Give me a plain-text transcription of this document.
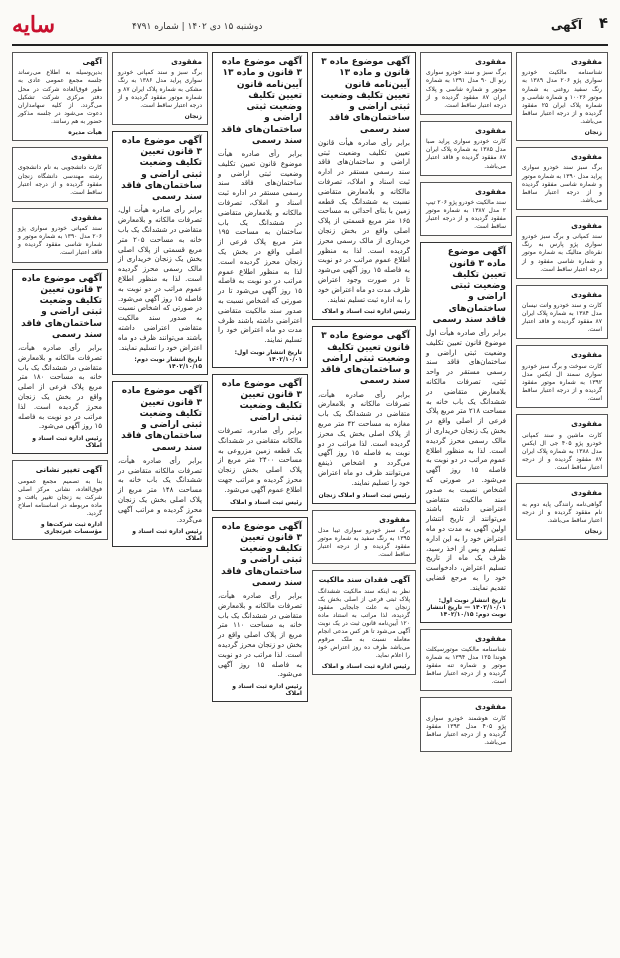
۴
آگهی
دوشنبه ۱۵ دی ۱۴۰۲ | شماره ۴۷۹۱
سایه
مفقودی

شناسنامه مالکیت خودرو سواری پژو ۲۰۶ مدل ۱۳۸۹ به رنگ سفید روغنی به شماره موتور ۱۰۰۲۶ و شماره شاسی و شماره پلاک ایران ۲۵ مفقود گردیده و از درجه اعتبار ساقط می‌باشد.

زنجان
مفقودی

برگ سبز سند خودرو سواری پراید مدل ۱۳۹۰ به شماره موتور و شماره شاسی مفقود گردیده و از درجه اعتبار ساقط می‌باشد.

مفقودی

سند کمپانی و برگ سبز خودرو سواری پژو پارس به رنگ نقره‌ای متالیک به شماره موتور و شماره شاسی مفقود و از درجه اعتبار ساقط است.

مفقودی

کارت و سند خودرو وانت نیسان مدل ۱۳۸۴ به شماره پلاک ایران ۸۷ مفقود گردیده و فاقد اعتبار است.

مفقودی

کارت سوخت و برگ سبز خودرو سواری سمند ال ایکس مدل ۱۳۹۲ به شماره موتور مفقود گردیده و از درجه اعتبار ساقط است.

مفقودی

کارت ماشین و سند کمپانی خودرو پژو ۴۰۵ جی ال ایکس مدل ۱۳۸۸ به شماره پلاک ایران ۸۷ مفقود گردیده و از درجه اعتبار ساقط است.

مفقودی

گواهی‌نامه رانندگی پایه دوم به نام مفقود گردیده و از درجه اعتبار ساقط می‌باشد.

زنجان
مفقودی

برگ سبز و سند خودرو سواری رنو ال ۹۰ مدل ۱۳۹۱ به شماره موتور و شماره شاسی و پلاک ایران ۸۷ مفقود گردیده و از درجه اعتبار ساقط است.

مفقودی

کارت خودرو سواری پراید صبا مدل ۱۳۸۵ به شماره پلاک ایران ۸۷ مفقود گردیده و فاقد اعتبار می‌باشد.

مفقودی

سند مالکیت خودرو پژو ۲۰۶ تیپ ۲ مدل ۱۳۸۷ به شماره موتور مفقود گردیده و از درجه اعتبار ساقط است.

آگهی موضوع ماده ۳ قانون تعیین تکلیف وضعیت ثبتی اراضی و ساختمان‌های فاقد سند رسمی

برابر رأی صادره هیأت اول موضوع قانون تعیین تکلیف وضعیت ثبتی اراضی و ساختمان‌های فاقد سند رسمی مستقر در واحد ثبتی، تصرفات مالکانه بلامعارض متقاضی در ششدانگ یک باب خانه به مساحت ۲۱۸ متر مربع پلاک فرعی از اصلی واقع در بخش یک زنجان خریداری از مالک رسمی محرز گردیده است. لذا به منظور اطلاع عموم مراتب در دو نوبت به فاصله ۱۵ روز آگهی می‌شود. در صورتی که اشخاص نسبت به صدور سند مالکیت متقاضی اعتراضی داشته باشند می‌توانند از تاریخ انتشار اولین آگهی به مدت دو ماه اعتراض خود را به این اداره تسلیم و پس از اخذ رسید، ظرف یک ماه از تاریخ تسلیم اعتراض، دادخواست خود را به مرجع قضایی تقدیم نمایند.

تاریخ انتشار نوبت اول: ۱۴۰۲/۱۰/۰۱ — تاریخ انتشار نوبت دوم: ۱۴۰۲/۱۰/۱۵
مفقودی

شناسنامه مالکیت موتورسیکلت هوندا ۱۲۵ مدل ۱۳۹۴ به شماره موتور و شماره تنه مفقود گردیده و از درجه اعتبار ساقط است.

مفقودی

کارت هوشمند خودرو سواری پژو ۴۰۵ مدل ۱۳۹۳ مفقود گردیده و از درجه اعتبار ساقط می‌باشد.

آگهی موضوع ماده ۳ قانون و ماده ۱۳ آیین‌نامه قانون تعیین تکلیف وضعیت ثبتی اراضی و ساختمان‌های فاقد سند رسمی

برابر رأی صادره هیأت قانون تعیین تکلیف وضعیت ثبتی اراضی و ساختمان‌های فاقد سند رسمی مستقر در اداره ثبت اسناد و املاک، تصرفات مالکانه و بلامعارض متقاضی نسبت به ششدانگ یک قطعه زمین با بنای احداثی به مساحت ۱۶۵ متر مربع قسمتی از پلاک اصلی واقع در بخش زنجان خریداری از مالک رسمی محرز گردیده است. لذا به منظور اطلاع عموم مراتب در دو نوبت به فاصله ۱۵ روز آگهی می‌شود تا در صورت وجود اعتراض ظرف مدت دو ماه اعتراض خود را به اداره ثبت تسلیم نمایند.

رئیس اداره ثبت اسناد و املاک
آگهی موضوع ماده ۳ قانون تعیین تکلیف وضعیت ثبتی اراضی و ساختمان‌های فاقد سند رسمی

برابر رأی صادره هیأت، تصرفات مالکانه و بلامعارض متقاضی در ششدانگ یک باب مغازه به مساحت ۴۲ متر مربع از پلاک اصلی بخش یک محرز گردیده است. لذا مراتب در دو نوبت به فاصله ۱۵ روز آگهی می‌گردد و اشخاص ذینفع می‌توانند ظرف دو ماه اعتراض خود را تسلیم نمایند.

رئیس ثبت اسناد و املاک زنجان
مفقودی

برگ سبز خودرو سواری تیبا مدل ۱۳۹۵ به رنگ سفید به شماره موتور مفقود گردیده و از درجه اعتبار ساقط است.

آگهی فقدان سند مالکیت

نظر به اینکه سند مالکیت ششدانگ پلاک ثبتی فرعی از اصلی بخش یک زنجان به علت جابجایی مفقود گردیده، لذا مراتب به استناد ماده ۱۲۰ آیین‌نامه قانون ثبت در یک نوبت آگهی می‌شود تا هر کس مدعی انجام معامله نسبت به ملک مرقوم می‌باشد ظرف ده روز اعتراض خود را اعلام نماید.

رئیس اداره ثبت اسناد و املاک
آگهی موضوع ماده ۳ قانون و ماده ۱۳ آیین‌نامه قانون تعیین تکلیف وضعیت ثبتی اراضی و ساختمان‌های فاقد سند رسمی

برابر رأی صادره هیأت موضوع قانون تعیین تکلیف وضعیت ثبتی اراضی و ساختمان‌های فاقد سند رسمی مستقر در اداره ثبت اسناد و املاک، تصرفات مالکانه و بلامعارض متقاضی در ششدانگ یک باب ساختمان به مساحت ۱۹۵ متر مربع پلاک فرعی از اصلی واقع در بخش یک زنجان محرز گردیده است. لذا به منظور اطلاع عموم مراتب در دو نوبت به فاصله ۱۵ روز آگهی می‌شود تا در صورتی که اشخاص نسبت به صدور سند مالکیت متقاضی اعتراضی داشته باشند ظرف مدت دو ماه اعتراض خود را تسلیم نمایند.

تاریخ انتشار نوبت اول: ۱۴۰۲/۱۰/۰۱
آگهی موضوع ماده ۳ قانون تعیین تکلیف وضعیت ثبتی اراضی

برابر رأی صادره، تصرفات مالکانه متقاضی در ششدانگ یک قطعه زمین مزروعی به مساحت ۲۴۰۰ متر مربع از پلاک اصلی بخش زنجان محرز گردیده و مراتب جهت اطلاع عموم آگهی می‌شود.

رئیس ثبت اسناد و املاک
آگهی موضوع ماده ۳ قانون تعیین تکلیف وضعیت ثبتی اراضی و ساختمان‌های فاقد سند رسمی

برابر رأی صادره هیأت، تصرفات مالکانه و بلامعارض متقاضی در ششدانگ یک باب خانه به مساحت ۱۱۰ متر مربع از پلاک اصلی واقع در بخش دو زنجان محرز گردیده است. لذا مراتب در دو نوبت به فاصله ۱۵ روز آگهی می‌شود.

رئیس اداره ثبت اسناد و املاک
مفقودی

برگ سبز و سند کمپانی خودرو سواری پراید مدل ۱۳۸۶ به رنگ مشکی به شماره پلاک ایران ۸۷ و شماره موتور مفقود گردیده و از درجه اعتبار ساقط است.

زنجان
آگهی موضوع ماده ۳ قانون تعیین تکلیف وضعیت ثبتی اراضی و ساختمان‌های فاقد سند رسمی

برابر رأی صادره هیأت اول، تصرفات مالکانه و بلامعارض متقاضی در ششدانگ یک باب خانه به مساحت ۲۰۵ متر مربع قسمتی از پلاک اصلی بخش یک زنجان خریداری از مالک رسمی محرز گردیده است. لذا به منظور اطلاع عموم مراتب در دو نوبت به فاصله ۱۵ روز آگهی می‌شود. در صورتی که اشخاص نسبت به صدور سند مالکیت متقاضی اعتراضی داشته باشند می‌توانند ظرف دو ماه اعتراض خود را تسلیم نمایند.

تاریخ انتشار نوبت دوم: ۱۴۰۲/۱۰/۱۵
آگهی موضوع ماده ۳ قانون تعیین تکلیف وضعیت ثبتی اراضی و ساختمان‌های فاقد سند رسمی

برابر رأی صادره هیأت، تصرفات مالکانه متقاضی در ششدانگ یک باب خانه به مساحت ۱۴۸ متر مربع از پلاک اصلی بخش یک زنجان محرز گردیده و مراتب آگهی می‌گردد.

رئیس اداره ثبت اسناد و املاک
آگهی

بدین‌وسیله به اطلاع می‌رساند جلسه مجمع عمومی عادی به طور فوق‌العاده شرکت در محل دفتر مرکزی شرکت تشکیل می‌گردد. از کلیه سهامداران دعوت می‌شود در جلسه مذکور حضور به هم رسانند.

هیأت مدیره
مفقودی

کارت دانشجویی به نام دانشجوی رشته مهندسی دانشگاه زنجان مفقود گردیده و از درجه اعتبار ساقط است.

مفقودی

سند کمپانی خودرو سواری پژو ۲۰۶ مدل ۱۳۹۰ به شماره موتور و شماره شاسی مفقود گردیده و فاقد اعتبار است.

آگهی موضوع ماده ۳ قانون تعیین تکلیف وضعیت ثبتی اراضی و ساختمان‌های فاقد سند رسمی

برابر رأی صادره هیأت، تصرفات مالکانه و بلامعارض متقاضی در ششدانگ یک باب خانه به مساحت ۱۸۰ متر مربع پلاک فرعی از اصلی واقع در بخش یک زنجان محرز گردیده است. لذا مراتب در دو نوبت به فاصله ۱۵ روز آگهی می‌شود.

رئیس اداره ثبت اسناد و املاک
آگهی تغییر نشانی

بنا به تصمیم مجمع عمومی فوق‌العاده، نشانی مرکز اصلی شرکت به زنجان تغییر یافت و ماده مربوطه در اساسنامه اصلاح گردید.

اداره ثبت شرکت‌ها و مؤسسات غیرتجاری
